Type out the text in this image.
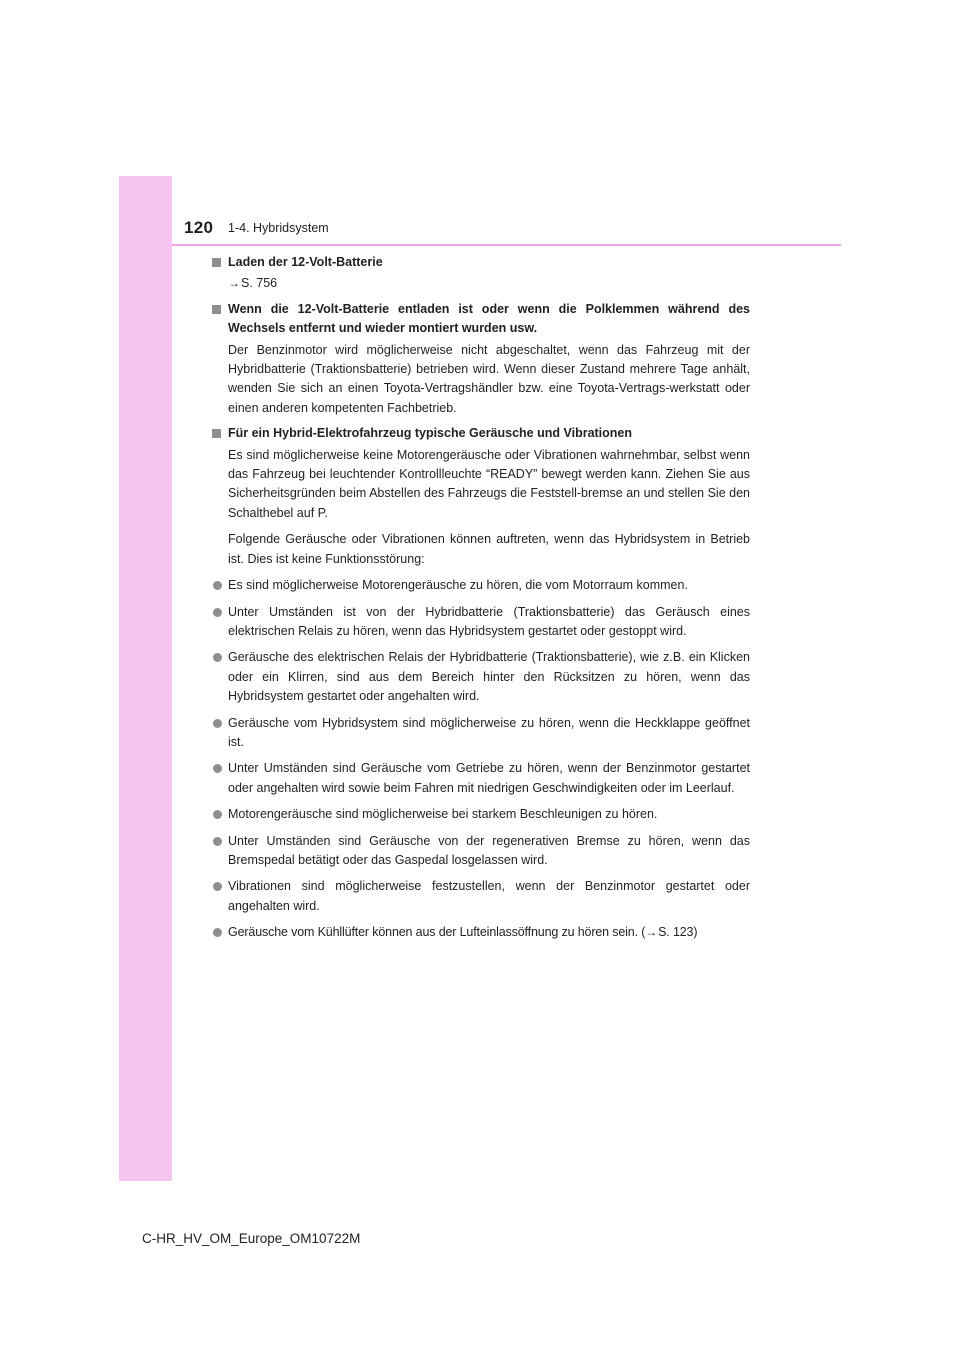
120 1-4. Hybridsystem
Laden der 12-Volt-Batterie
→S. 756
Wenn die 12-Volt-Batterie entladen ist oder wenn die Polklemmen während des Wechsels entfernt und wieder montiert wurden usw.
Der Benzinmotor wird möglicherweise nicht abgeschaltet, wenn das Fahrzeug mit der Hybridbatterie (Traktionsbatterie) betrieben wird. Wenn dieser Zustand mehrere Tage anhält, wenden Sie sich an einen Toyota-Vertragshändler bzw. eine Toyota-Vertrags-werkstatt oder einen anderen kompetenten Fachbetrieb.
Für ein Hybrid-Elektrofahrzeug typische Geräusche und Vibrationen
Es sind möglicherweise keine Motorengeräusche oder Vibrationen wahrnehmbar, selbst wenn das Fahrzeug bei leuchtender Kontrollleuchte “READY” bewegt werden kann. Ziehen Sie aus Sicherheitsgründen beim Abstellen des Fahrzeugs die Feststell-bremse an und stellen Sie den Schalthebel auf P.
Folgende Geräusche oder Vibrationen können auftreten, wenn das Hybridsystem in Betrieb ist. Dies ist keine Funktionsstörung:
Es sind möglicherweise Motorengeräusche zu hören, die vom Motorraum kommen.
Unter Umständen ist von der Hybridbatterie (Traktionsbatterie) das Geräusch eines elektrischen Relais zu hören, wenn das Hybridsystem gestartet oder gestoppt wird.
Geräusche des elektrischen Relais der Hybridbatterie (Traktionsbatterie), wie z.B. ein Klicken oder ein Klirren, sind aus dem Bereich hinter den Rücksitzen zu hören, wenn das Hybridsystem gestartet oder angehalten wird.
Geräusche vom Hybridsystem sind möglicherweise zu hören, wenn die Heckklappe geöffnet ist.
Unter Umständen sind Geräusche vom Getriebe zu hören, wenn der Benzinmotor gestartet oder angehalten wird sowie beim Fahren mit niedrigen Geschwindigkeiten oder im Leerlauf.
Motorengeräusche sind möglicherweise bei starkem Beschleunigen zu hören.
Unter Umständen sind Geräusche von der regenerativen Bremse zu hören, wenn das Bremspedal betätigt oder das Gaspedal losgelassen wird.
Vibrationen sind möglicherweise festzustellen, wenn der Benzinmotor gestartet oder angehalten wird.
Geräusche vom Kühllüfter können aus der Lufteinlassöffnung zu hören sein. (→S. 123)
C-HR_HV_OM_Europe_OM10722M
